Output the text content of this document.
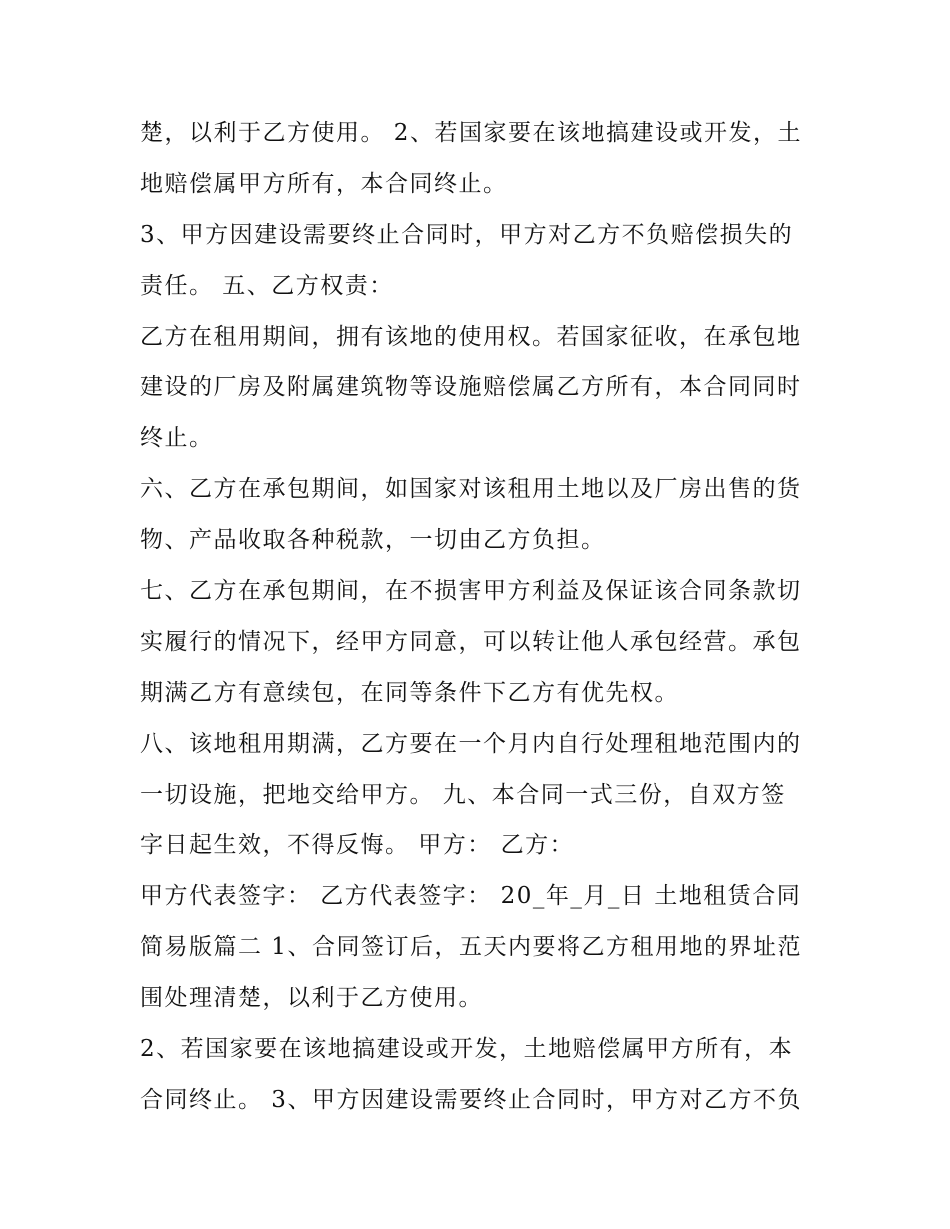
楚，以利于乙方使用。 2、若国家要在该地搞建设或开发，土
地赔偿属甲方所有，本合同终止。
3、甲方因建设需要终止合同时，甲方对乙方不负赔偿损失的
责任。 五、乙方权责：
乙方在租用期间，拥有该地的使用权。若国家征收，在承包地
建设的厂房及附属建筑物等设施赔偿属乙方所有，本合同同时
终止。
六、乙方在承包期间，如国家对该租用土地以及厂房出售的货
物、产品收取各种税款，一切由乙方负担。
七、乙方在承包期间，在不损害甲方利益及保证该合同条款切
实履行的情况下，经甲方同意，可以转让他人承包经营。承包
期满乙方有意续包，在同等条件下乙方有优先权。
八、该地租用期满，乙方要在一个月内自行处理租地范围内的
一切设施，把地交给甲方。 九、本合同一式三份，自双方签
字日起生效，不得反悔。 甲方： 乙方：
甲方代表签字： 乙方代表签字： 20_年_月_日 土地租赁合同
简易版篇二 1、合同签订后，五天内要将乙方租用地的界址范
围处理清楚，以利于乙方使用。
2、若国家要在该地搞建设或开发，土地赔偿属甲方所有，本
合同终止。 3、甲方因建设需要终止合同时，甲方对乙方不负
